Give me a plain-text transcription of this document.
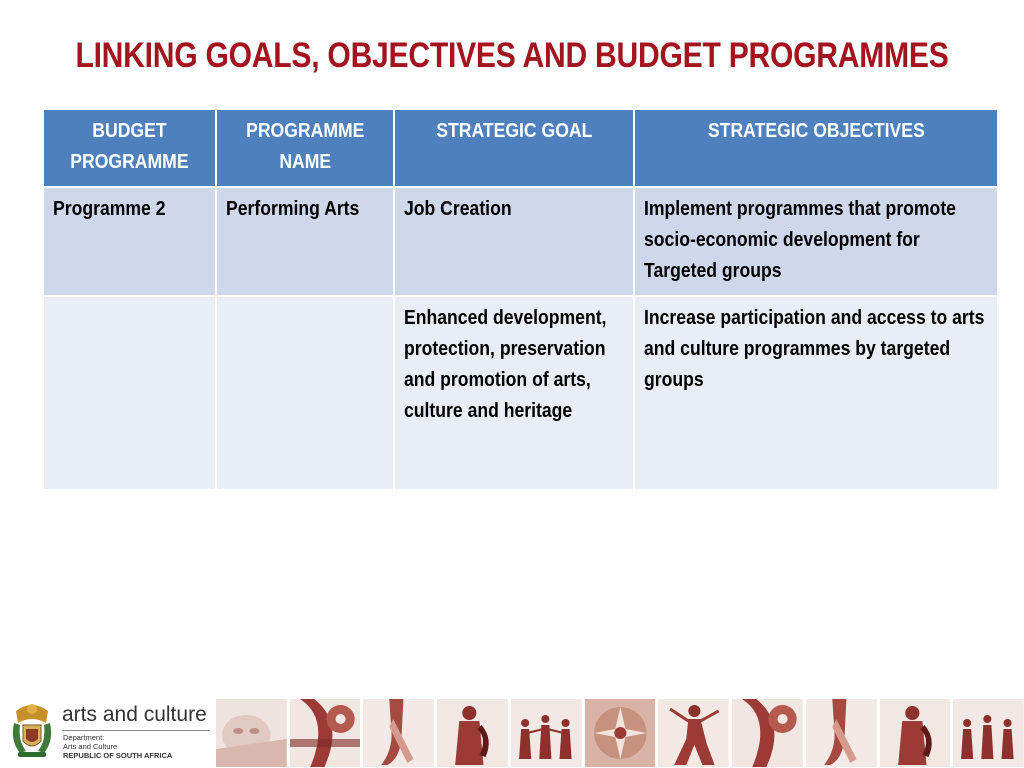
LINKING GOALS, OBJECTIVES AND BUDGET PROGRAMMES
BUDGET PROGRAMME	PROGRAMME NAME	STRATEGIC GOAL	STRATEGIC OBJECTIVES
Programme 2	Performing Arts	Job Creation	Implement programmes that promote socio-economic development for Targeted groups
		Enhanced development, protection, preservation and promotion of arts, culture and heritage	Increase participation and access to arts and culture programmes by targeted groups
arts and culture
Department:
Arts and Culture
REPUBLIC OF SOUTH AFRICA
